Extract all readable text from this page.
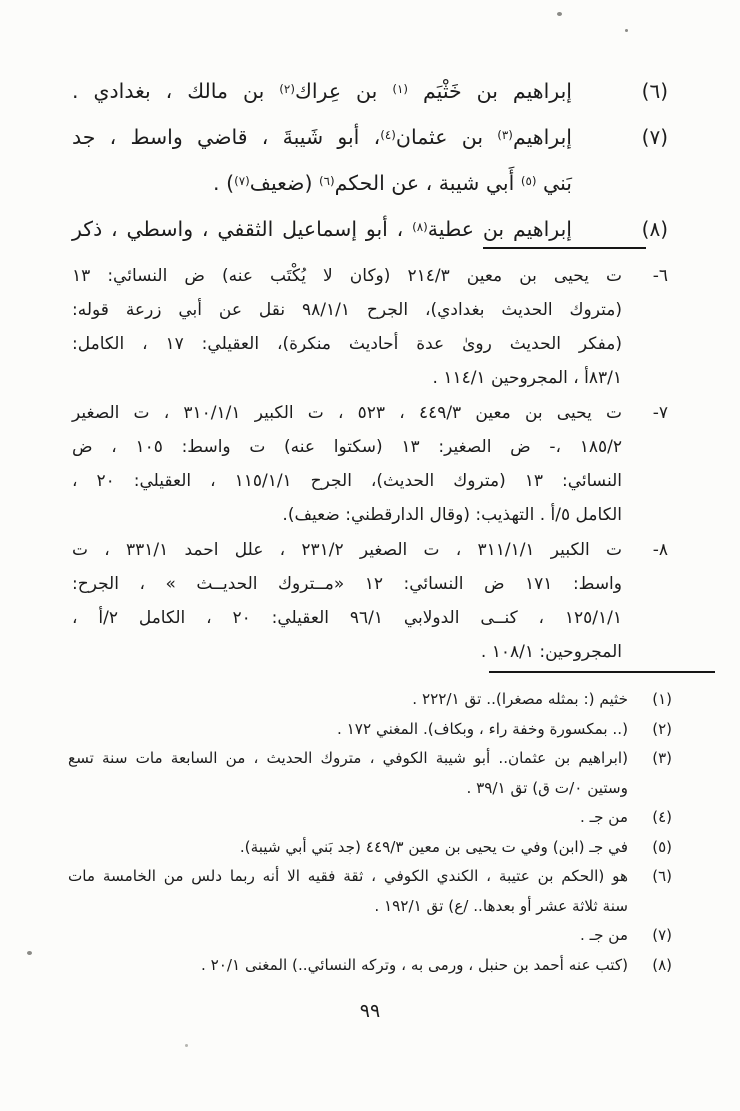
(٦)
إبراهيم بن خَثْيَم $^{(١)}$ بن عِراك$^{(٢)}$ بن مالك ، بغدادي .
(٧)
إبراهيم$^{(٣)}$ بن عثمان$^{(٤)}$، أبو شَيبةَ ، قاضي واسط ، جد
بَني $^{(٥)}$ أَبي شيبة ، عن الحكم$^{(٦)}$ (ضعيف$^{(٧)}$) .
(٨)
إبراهيم بن عطية$^{(٨)}$ ، أبو إسماعيل الثقفي ، واسطي ، ذكر
٦-
ت يحيى بن معين ٢١٤/٣ (وكان لا يُكْتَب عنه) ض النسائي: ١٣
(متروك الحديث بغدادي)، الجرح ٩٨/١/١ نقل عن أبي زرعة قوله:
(مفكر الحديث روىٰ عدة أحاديث منكرة)، العقيلي: ١٧ ، الكامل:
٨٣/١أ ، المجروحين ١١٤/١ .
٧-
ت يحيى بن معين ٤٤٩/٣ ، ٥٢٣ ، ت الكبير ٣١٠/١/١ ، ت الصغير
١٨٥/٢ ،- ض الصغير: ١٣ (سكتوا عنه) ت واسط: ١٠٥ ، ض
النسائي: ١٣ (متروك الحديث)، الجرح ١١٥/١/١ ، العقيلي: ٢٠ ،
الكامل ٥/أ . التهذيب: (وقال الدارقطني: ضعيف).
٨-
ت الكبير ٣١١/١/١ ، ت الصغير ٢٣١/٢ ، علل احمد ٣٣١/١ ، ت
واسط: ١٧١ ض النسائي: ١٢ «مــتروك الحديــث » ، الجرح:
١٢٥/١/١ ، كنــى الدولابي ٩٦/١ العقيلي: ٢٠ ، الكامل ٢/أ ،
المجروحين: ١٠٨/١ .
(١)
خثيم (: بمثله مصغرا).. تق ٢٢٢/١ .
(٢)
(.. بمكسورة وخفة راء ، وبكاف). المغني ١٧٢ .
(٣)
(ابراهيم بن عثمان.. أبو شيبة الكوفي ، متروك الحديث ، من السابعة مات سنة تسع
وستين ٠/ت ق) تق ٣٩/١ .
(٤)
من جـ .
(٥)
في جـ (ابن) وفي ت يحيى بن معين ٤٤٩/٣ (جد بَني أبي شيبة).
(٦)
هو (الحكم بن عتيبة ، الكندي الكوفي ، ثقة فقيه الا أنه ربما دلس من الخامسة مات
سنة ثلاثة عشر أو بعدها.. /ع) تق ١٩٢/١ .
(٧)
من جـ .
(٨)
(كتب عنه أحمد بن حنبل ، ورمى به ، وتركه النسائي..) المغنى ٢٠/١ .
٩٩
